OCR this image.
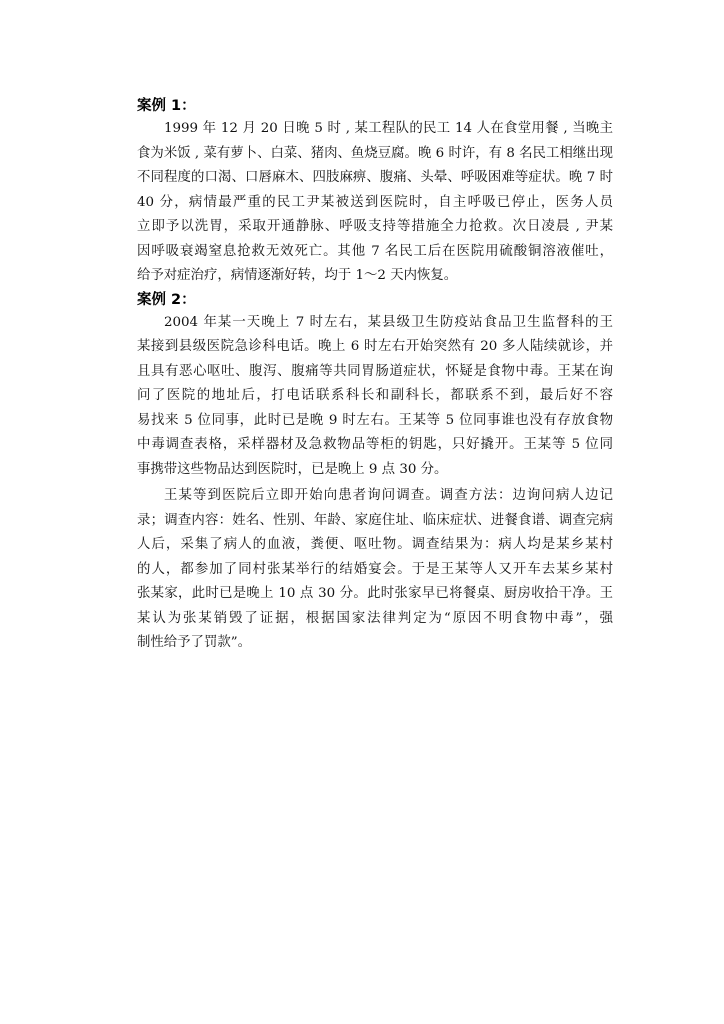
案例 1：

1999 年 12 月 20 日晚 5 时 , 某工程队的民工 14 人在食堂用餐 , 当晚主
食为米饭 , 菜有萝卜、白菜、猪肉、鱼烧豆腐。晚 6 时许，有 8 名民工相继出现
不同程度的口渴、口唇麻木、四肢麻痹、腹痛、头晕、呼吸困难等症状。晚 7 时
40 分，病情最严重的民工尹某被送到医院时，自主呼吸已停止，医务人员
立即予以洗胃，采取开通静脉、呼吸支持等措施全力抢救。次日凌晨 , 尹某
因呼吸衰竭窒息抢救无效死亡。其他 7 名民工后在医院用硫酸铜溶液催吐，
给予对症治疗，病情逐渐好转，均于 1～2 天内恢复。

案例 2：

2004 年某一天晚上 7 时左右，某县级卫生防疫站食品卫生监督科的王
某接到县级医院急诊科电话。晚上 6 时左右开始突然有 20 多人陆续就诊，并
且具有恶心呕吐、腹泻、腹痛等共同胃肠道症状，怀疑是食物中毒。王某在询
问了医院的地址后，打电话联系科长和副科长，都联系不到，最后好不容
易找来 5 位同事，此时已是晚 9 时左右。王某等 5 位同事谁也没有存放食物
中毒调查表格，采样器材及急救物品等柜的钥匙，只好撬开。王某等 5 位同
事携带这些物品达到医院时，已是晚上 9 点 30 分。

王某等到医院后立即开始向患者询问调查。调查方法：边询问病人边记
录；调查内容：姓名、性别、年龄、家庭住址、临床症状、进餐食谱、调查完病
人后，采集了病人的血液，粪便、呕吐物。调查结果为：病人均是某乡某村
的人，都参加了同村张某举行的结婚宴会。于是王某等人又开车去某乡某村
张某家，此时已是晚上 10 点 30 分。此时张家早已将餐桌、厨房收拾干净。王
某认为张某销毁了证据，根据国家法律判定为“原因不明食物中毒”，强
制性给予了罚款”。
